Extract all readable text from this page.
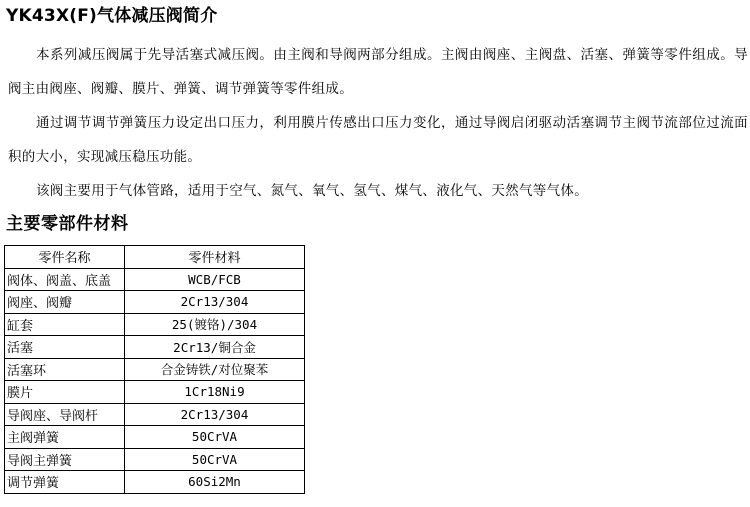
YK43X(F)气体减压阀简介

本系列减压阀属于先导活塞式减压阀。由主阀和导阀两部分组成。主阀由阀座、主阀盘、活塞、弹簧等零件组成。导阀主由阀座、阀瓣、膜片、弹簧、调节弹簧等零件组成。

通过调节调节弹簧压力设定出口压力，利用膜片传感出口压力变化，通过导阀启闭驱动活塞调节主阀节流部位过流面积的大小，实现减压稳压功能。

该阀主要用于气体管路，适用于空气、氮气、氧气、氢气、煤气、液化气、天然气等气体。

主要零部件材料
零件名称	零件材料
阀体、阀盖、底盖	WCB/FCB
阀座、阀瓣	2Cr13/304
缸套	25(镀铬)/304
活塞	2Cr13/铜合金
活塞环	合金铸铁/对位聚苯
膜片	1Cr18Ni9
导阀座、导阀杆	2Cr13/304
主阀弹簧	50CrVA
导阀主弹簧	50CrVA
调节弹簧	60Si2Mn
